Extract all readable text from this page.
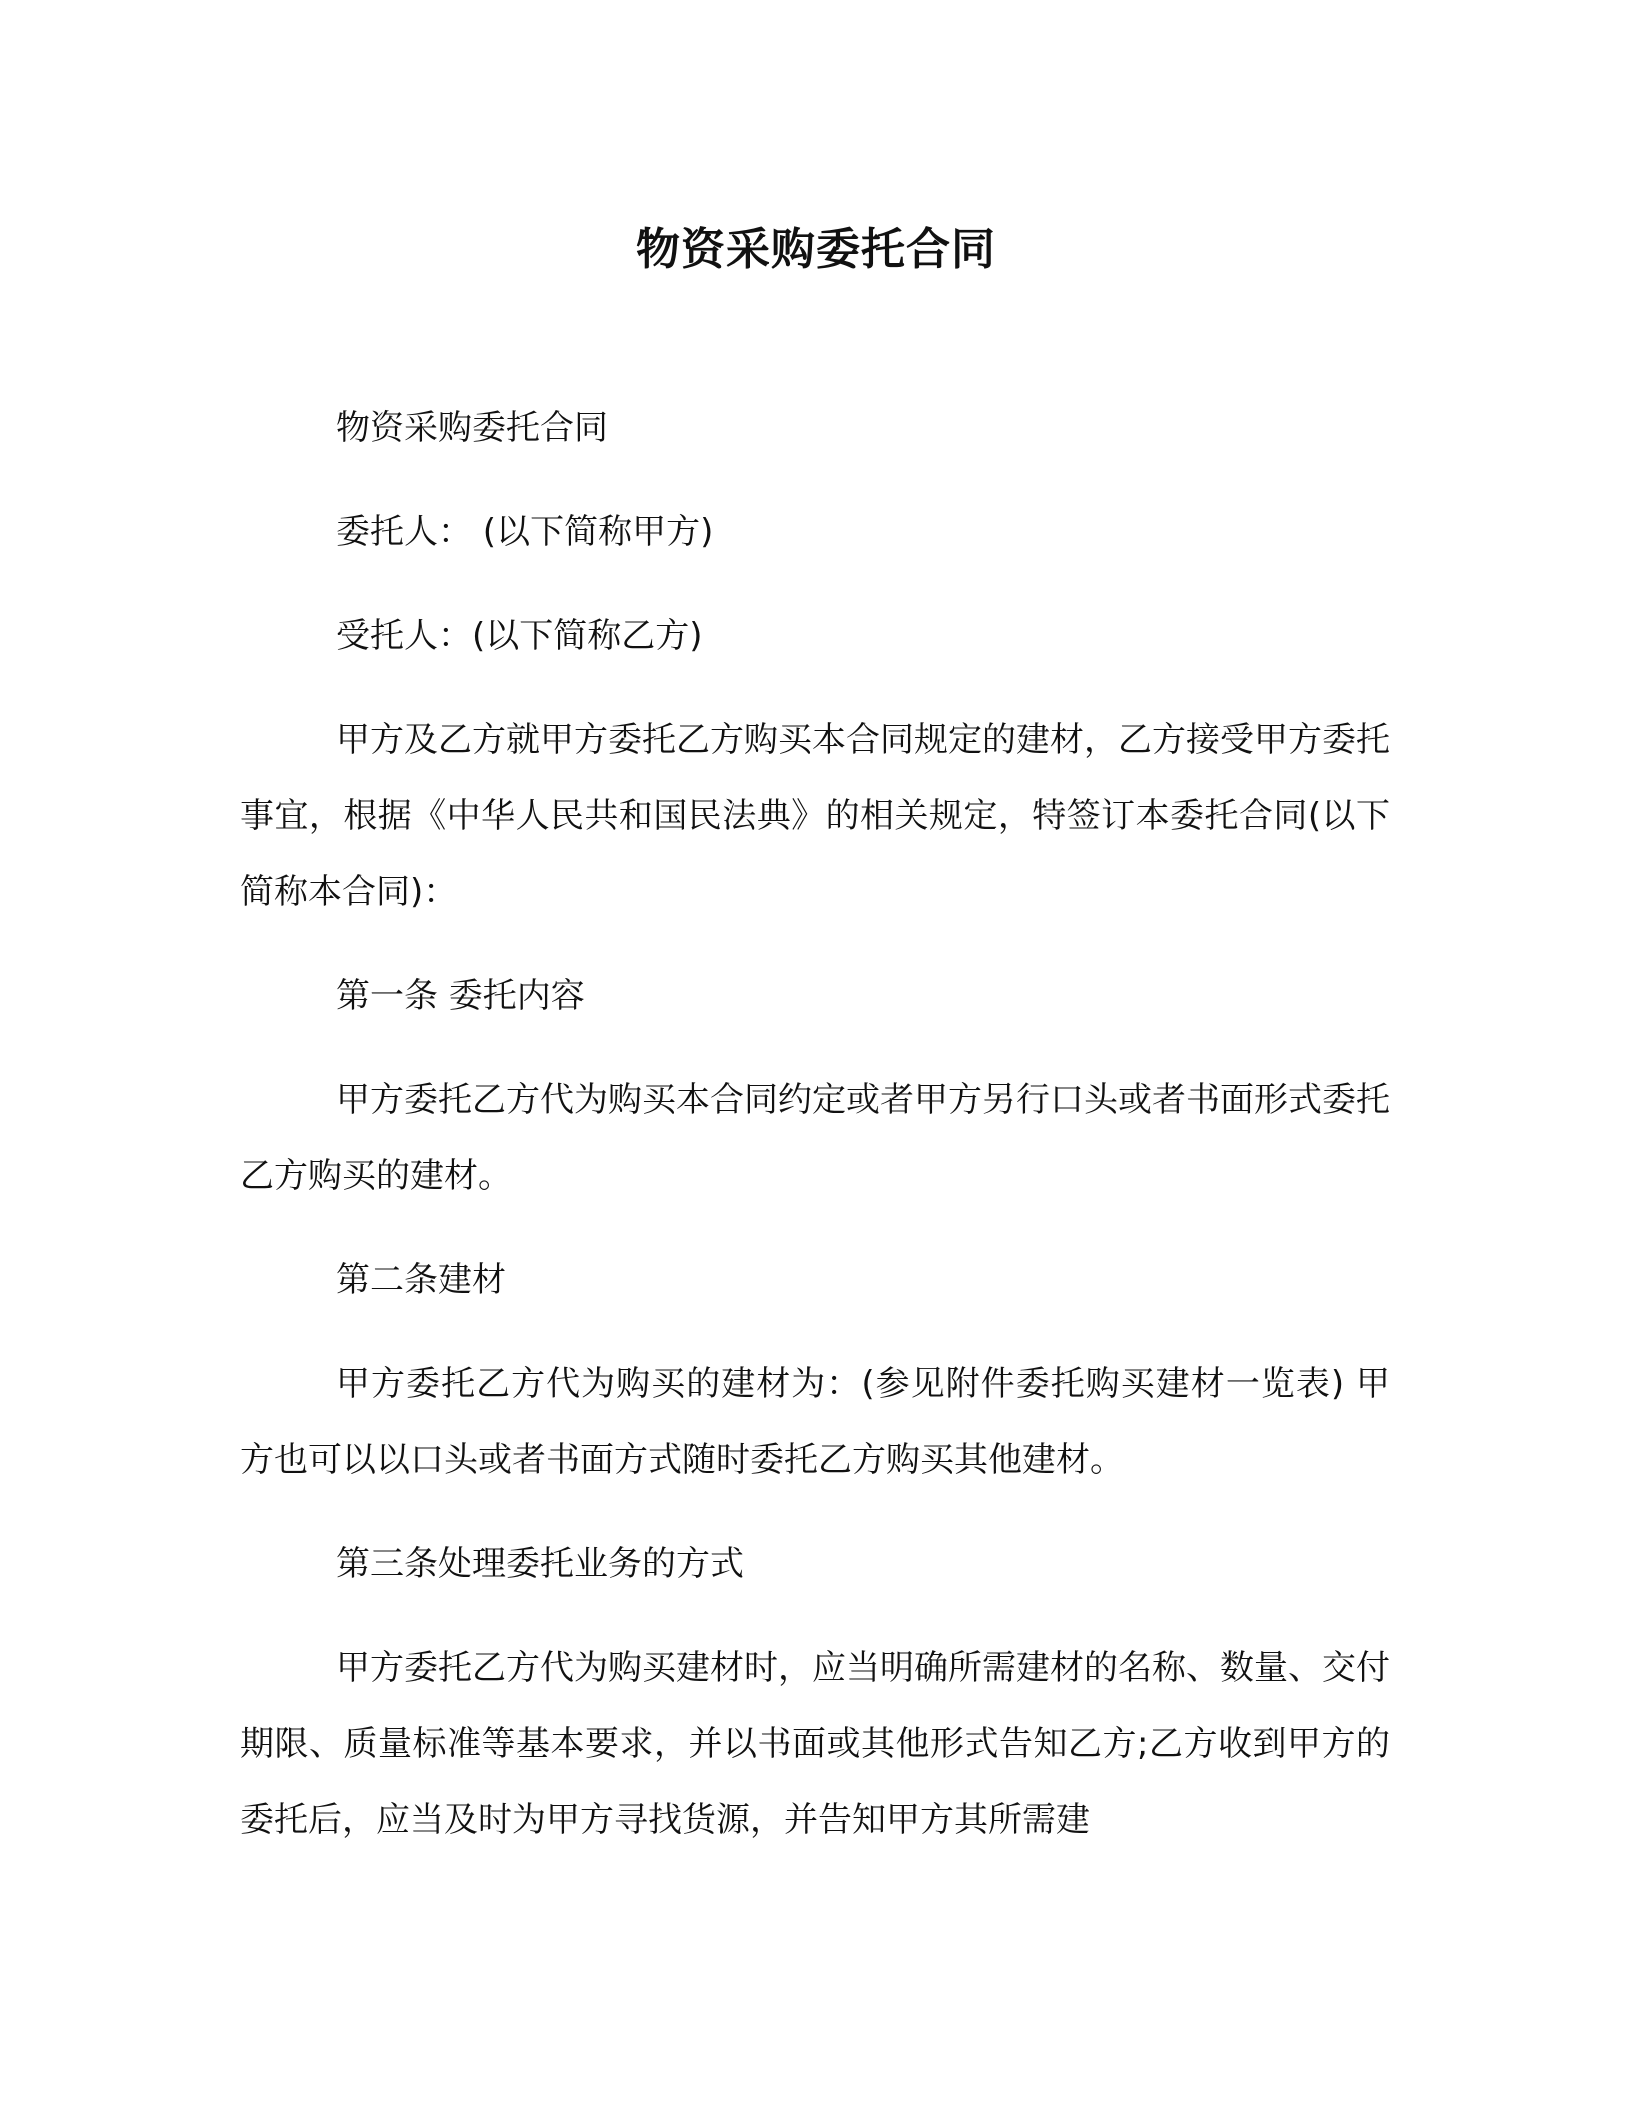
物资采购委托合同

物资采购委托合同

委托人： (以下简称甲方)

受托人：(以下简称乙方)

甲方及乙方就甲方委托乙方购买本合同规定的建材，乙方接受甲方委托事宜，根据《中华人民共和国民法典》的相关规定，特签订本委托合同(以下简称本合同)：

第一条 委托内容

甲方委托乙方代为购买本合同约定或者甲方另行口头或者书面形式委托乙方购买的建材。

第二条建材

甲方委托乙方代为购买的建材为：(参见附件委托购买建材一览表) 甲方也可以以口头或者书面方式随时委托乙方购买其他建材。

第三条处理委托业务的方式

甲方委托乙方代为购买建材时，应当明确所需建材的名称、数量、交付期限、质量标准等基本要求，并以书面或其他形式告知乙方;乙方收到甲方的委托后，应当及时为甲方寻找货源，并告知甲方其所需建
